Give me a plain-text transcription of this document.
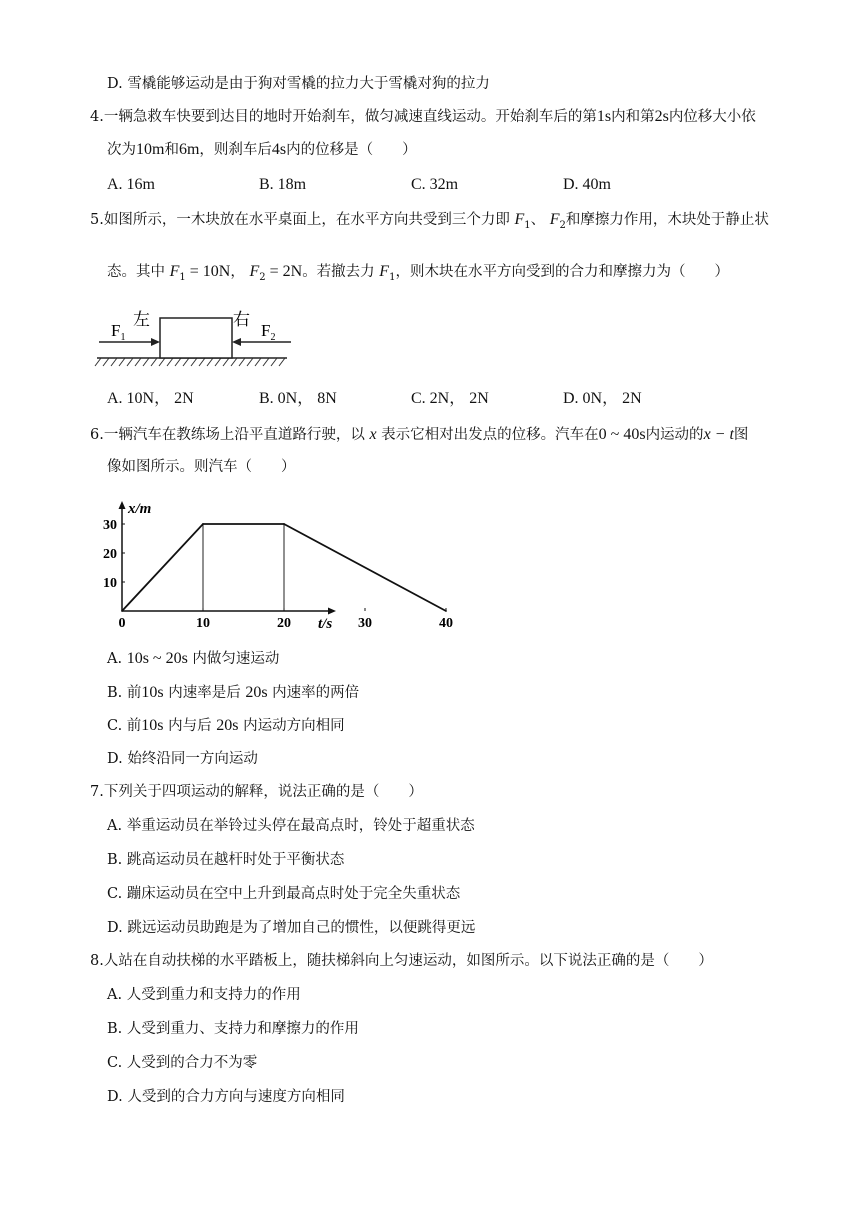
D. 雪橇能够运动是由于狗对雪橇的拉力大于雪橇对狗的拉力
4.一辆急救车快要到达目的地时开始刹车，做匀减速直线运动。开始刹车后的第1s内和第2s内位移大小依
次为10m和6m，则刹车后4s内的位移是（　　）
A. 16m	B. 18m	C. 32m	D. 40m
5.如图所示，一木块放在水平桌面上，在水平方向共受到三个力即 $F_1$、 $F_2$和摩擦力作用，木块处于静止状
态。其中 $F_1 = 10N$， $F_2 = 2N$。若撤去力 $F_1$，则木块在水平方向受到的合力和摩擦力为（　　）
$F_1$
左	右
$F_2$
A. 10N， 2N	B. 0N， 8N	C. 2N， 2N	D. 0N， 2N
6.一辆汽车在教练场上沿平直道路行驶，以 x 表示它相对出发点的位移。汽车在0 ~ 40s内运动的x − t图
像如图所示。则汽车（　　）
0	10	20	30	40
10
20
30
x/m
t/s
A. 10s ~ 20s 内做匀速运动
B. 前10s 内速率是后 20s 内速率的两倍
C. 前10s 内与后 20s 内运动方向相同
D. 始终沿同一方向运动
7.下列关于四项运动的解释，说法正确的是（　　）
A. 举重运动员在举铃过头停在最高点时，铃处于超重状态
B. 跳高运动员在越杆时处于平衡状态
C. 蹦床运动员在空中上升到最高点时处于完全失重状态
D. 跳远运动员助跑是为了增加自己的惯性，以便跳得更远
8.人站在自动扶梯的水平踏板上，随扶梯斜向上匀速运动，如图所示。以下说法正确的是（　　）
A. 人受到重力和支持力的作用
B. 人受到重力、支持力和摩擦力的作用
C. 人受到的合力不为零
D. 人受到的合力方向与速度方向相同
